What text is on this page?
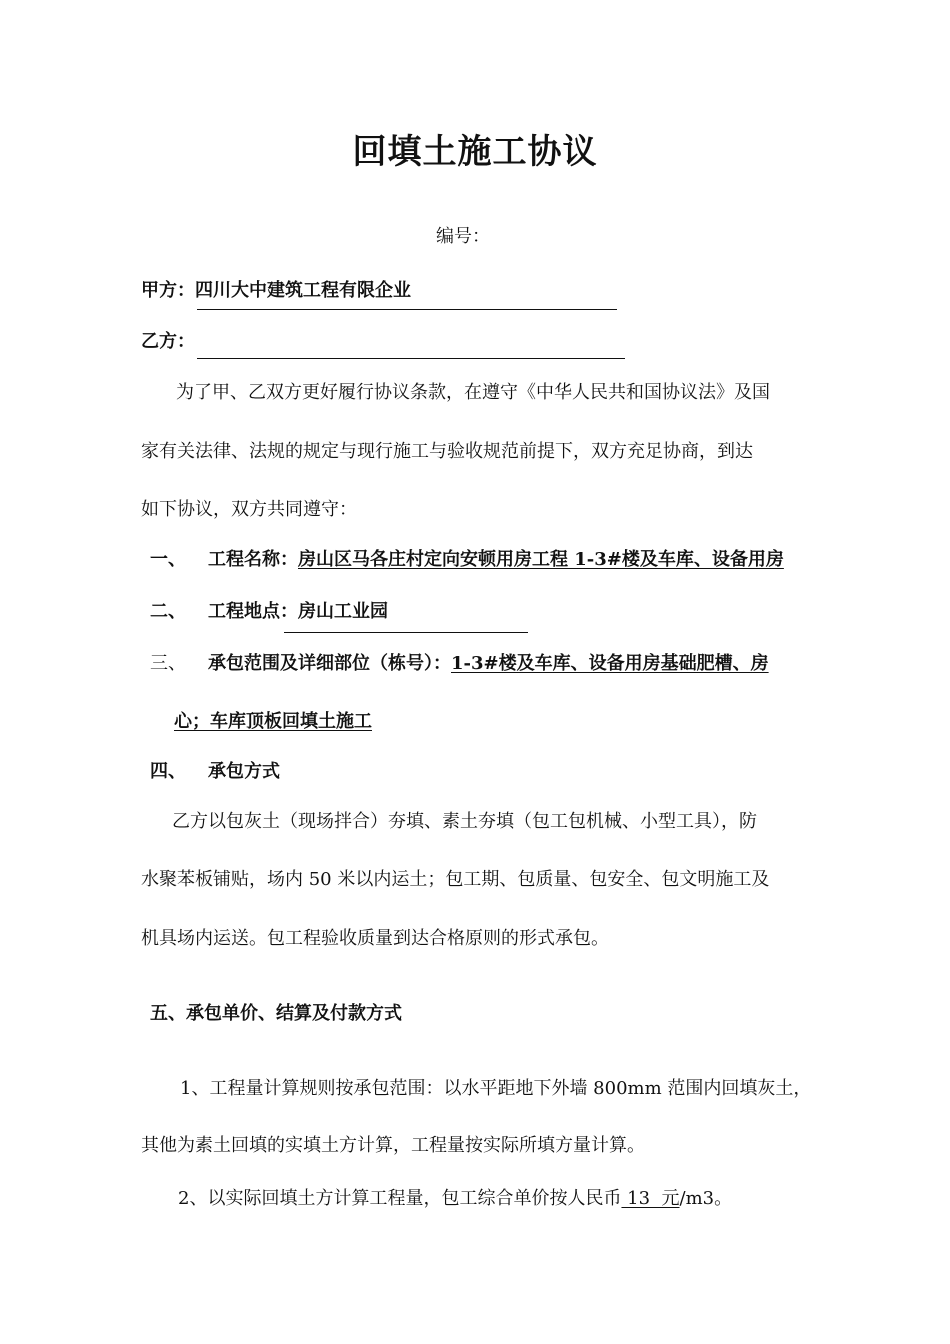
回填土施工协议
编号：
甲方：四川大中建筑工程有限企业
乙方：
为了甲、乙双方更好履行协议条款，在遵守《中华人民共和国协议法》及国
家有关法律、法规的规定与现行施工与验收规范前提下，双方充足协商，到达
如下协议，双方共同遵守：
一、 工程名称：房山区马各庄村定向安顿用房工程 1-3#楼及车库、设备用房
二、 工程地点：房山工业园
三、 承包范围及详细部位（栋号）：1-3#楼及车库、设备用房基础肥槽、房
心；车库顶板回填土施工
四、 承包方式
乙方以包灰土（现场拌合）夯填、素土夯填（包工包机械、小型工具），防
水聚苯板铺贴，场内 50 米以内运土；包工期、包质量、包安全、包文明施工及
机具场内运送。包工程验收质量到达合格原则的形式承包。
五、承包单价、结算及付款方式
1、工程量计算规则按承包范围：以水平距地下外墙 800mm 范围内回填灰土，
其他为素土回填的实填土方计算，工程量按实际所填方量计算。
2、以实际回填土方计算工程量，包工综合单价按人民币 13  元/m3。
